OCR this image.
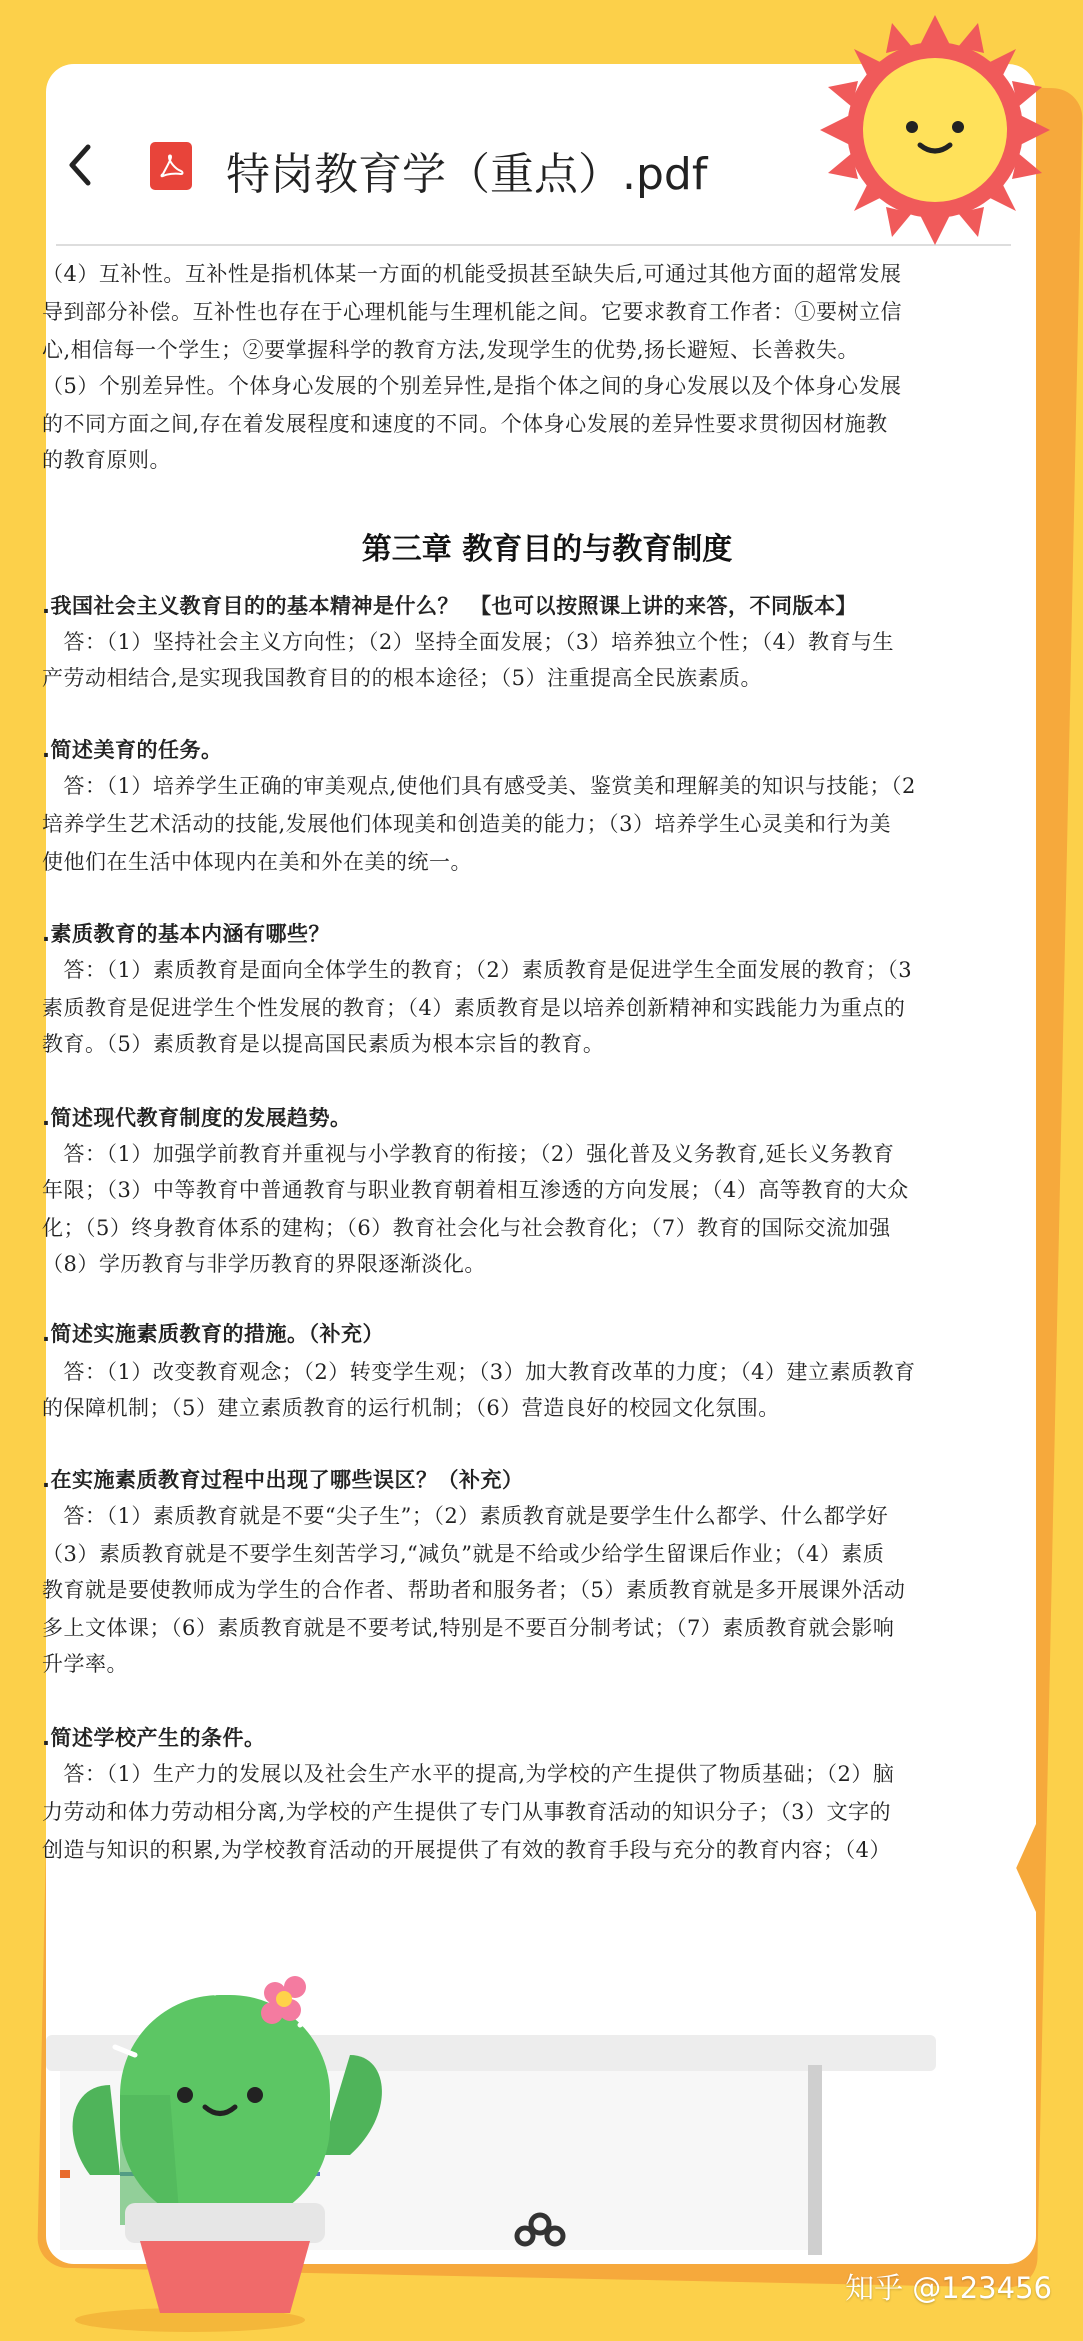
特岗教育学（重点）.pdf
（4）互补性。互补性是指机体某一方面的机能受损甚至缺失后,可通过其他方面的超常发展
导到部分补偿。互补性也存在于心理机能与生理机能之间。它要求教育工作者：①要树立信
心,相信每一个学生；②要掌握科学的教育方法,发现学生的优势,扬长避短、长善救失。
（5）个别差异性。个体身心发展的个别差异性,是指个体之间的身心发展以及个体身心发展
的不同方面之间,存在着发展程度和速度的不同。个体身心发展的差异性要求贯彻因材施教
的教育原则。
第三章 教育目的与教育制度
.我国社会主义教育目的的基本精神是什么？　【也可以按照课上讲的来答，不同版本】
　答：（1）坚持社会主义方向性；（2）坚持全面发展；（3）培养独立个性；（4）教育与生
产劳动相结合,是实现我国教育目的的根本途径；（5）注重提高全民族素质。
.简述美育的任务。
　答：（1）培养学生正确的审美观点,使他们具有感受美、鉴赏美和理解美的知识与技能；（2
培养学生艺术活动的技能,发展他们体现美和创造美的能力；（3）培养学生心灵美和行为美
使他们在生活中体现内在美和外在美的统一。
.素质教育的基本内涵有哪些？
　答：（1）素质教育是面向全体学生的教育；（2）素质教育是促进学生全面发展的教育；（3
素质教育是促进学生个性发展的教育；（4）素质教育是以培养创新精神和实践能力为重点的
教育。（5）素质教育是以提高国民素质为根本宗旨的教育。
.简述现代教育制度的发展趋势。
　答：（1）加强学前教育并重视与小学教育的衔接；（2）强化普及义务教育,延长义务教育
年限；（3）中等教育中普通教育与职业教育朝着相互渗透的方向发展；（4）高等教育的大众
化；（5）终身教育体系的建构；（6）教育社会化与社会教育化；（7）教育的国际交流加强
（8）学历教育与非学历教育的界限逐渐淡化。
.简述实施素质教育的措施。（补充）
　答：（1）改变教育观念；（2）转变学生观；（3）加大教育改革的力度；（4）建立素质教育
的保障机制；（5）建立素质教育的运行机制；（6）营造良好的校园文化氛围。
.在实施素质教育过程中出现了哪些误区？（补充）
　答：（1）素质教育就是不要“尖子生”；（2）素质教育就是要学生什么都学、什么都学好
（3）素质教育就是不要学生刻苦学习,“减负”就是不给或少给学生留课后作业；（4）素质
教育就是要使教师成为学生的合作者、帮助者和服务者；（5）素质教育就是多开展课外活动
多上文体课；（6）素质教育就是不要考试,特别是不要百分制考试；（7）素质教育就会影响
升学率。
.简述学校产生的条件。
　答：（1）生产力的发展以及社会生产水平的提高,为学校的产生提供了物质基础；（2）脑
力劳动和体力劳动相分离,为学校的产生提供了专门从事教育活动的知识分子；（3）文字的
创造与知识的积累,为学校教育活动的开展提供了有效的教育手段与充分的教育内容；（4）
知乎 @123456
